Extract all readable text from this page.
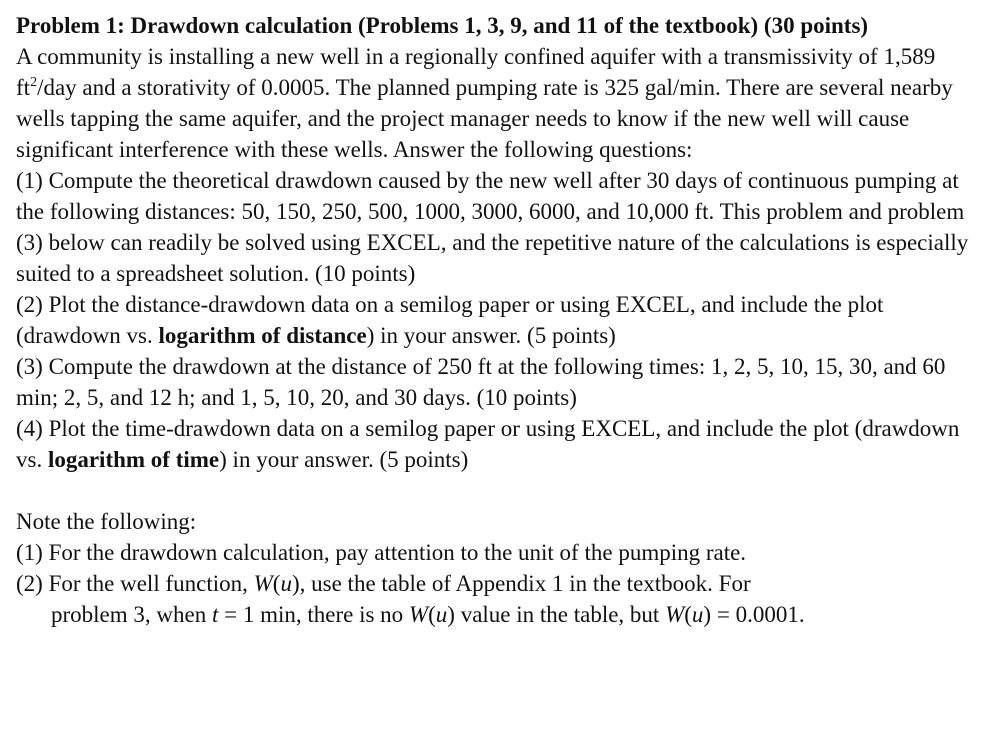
Problem 1: Drawdown calculation (Problems 1, 3, 9, and 11 of the textbook) (30 points)

A community is installing a new well in a regionally confined aquifer with a transmissivity of 1,589 $ft^2$/day and a storativity of 0.0005. The planned pumping rate is 325 gal/min. There are several nearby wells tapping the same aquifer, and the project manager needs to know if the new well will cause significant interference with these wells. Answer the following questions:

(1) Compute the theoretical drawdown caused by the new well after 30 days of continuous pumping at the following distances: 50, 150, 250, 500, 1000, 3000, 6000, and 10,000 ft. This problem and problem (3) below can readily be solved using EXCEL, and the repetitive nature of the calculations is especially suited to a spreadsheet solution. (10 points)

(2) Plot the distance-drawdown data on a semilog paper or using EXCEL, and include the plot (drawdown vs. logarithm of distance) in your answer. (5 points)

(3) Compute the drawdown at the distance of 250 ft at the following times: 1, 2, 5, 10, 15, 30, and 60 min; 2, 5, and 12 h; and 1, 5, 10, 20, and 30 days. (10 points)

(4) Plot the time-drawdown data on a semilog paper or using EXCEL, and include the plot (drawdown vs. logarithm of time) in your answer. (5 points)

Note the following:

(1) For the drawdown calculation, pay attention to the unit of the pumping rate.

(2) For the well function, W(u), use the table of Appendix 1 in the textbook. For

problem 3, when t = 1 min, there is no W(u) value in the table, but W(u) = 0.0001.
